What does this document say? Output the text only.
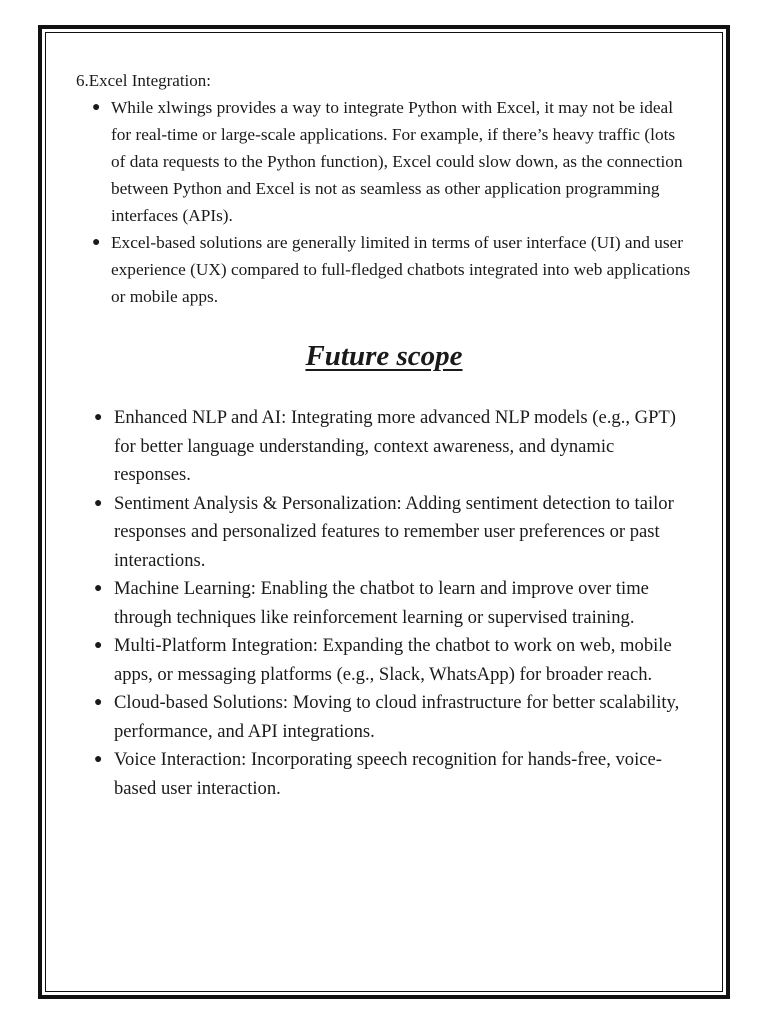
6.Excel Integration:

● While xlwings provides a way to integrate Python with Excel, it may not be ideal for real-time or large-scale applications. For example, if there’s heavy traffic (lots of data requests to the Python function), Excel could slow down, as the connection between Python and Excel is not as seamless as other application programming interfaces (APIs).
● Excel-based solutions are generally limited in terms of user interface (UI) and user experience (UX) compared to full-fledged chatbots integrated into web applications or mobile apps.
Future scope
● Enhanced NLP and AI: Integrating more advanced NLP models (e.g., GPT) for better language understanding, context awareness, and dynamic responses.
● Sentiment Analysis & Personalization: Adding sentiment detection to tailor responses and personalized features to remember user preferences or past interactions.
● Machine Learning: Enabling the chatbot to learn and improve over time through techniques like reinforcement learning or supervised training.
● Multi-Platform Integration: Expanding the chatbot to work on web, mobile apps, or messaging platforms (e.g., Slack, WhatsApp) for broader reach.
● Cloud-based Solutions: Moving to cloud infrastructure for better scalability, performance, and API integrations.
● Voice Interaction: Incorporating speech recognition for hands-free, voice-based user interaction.
